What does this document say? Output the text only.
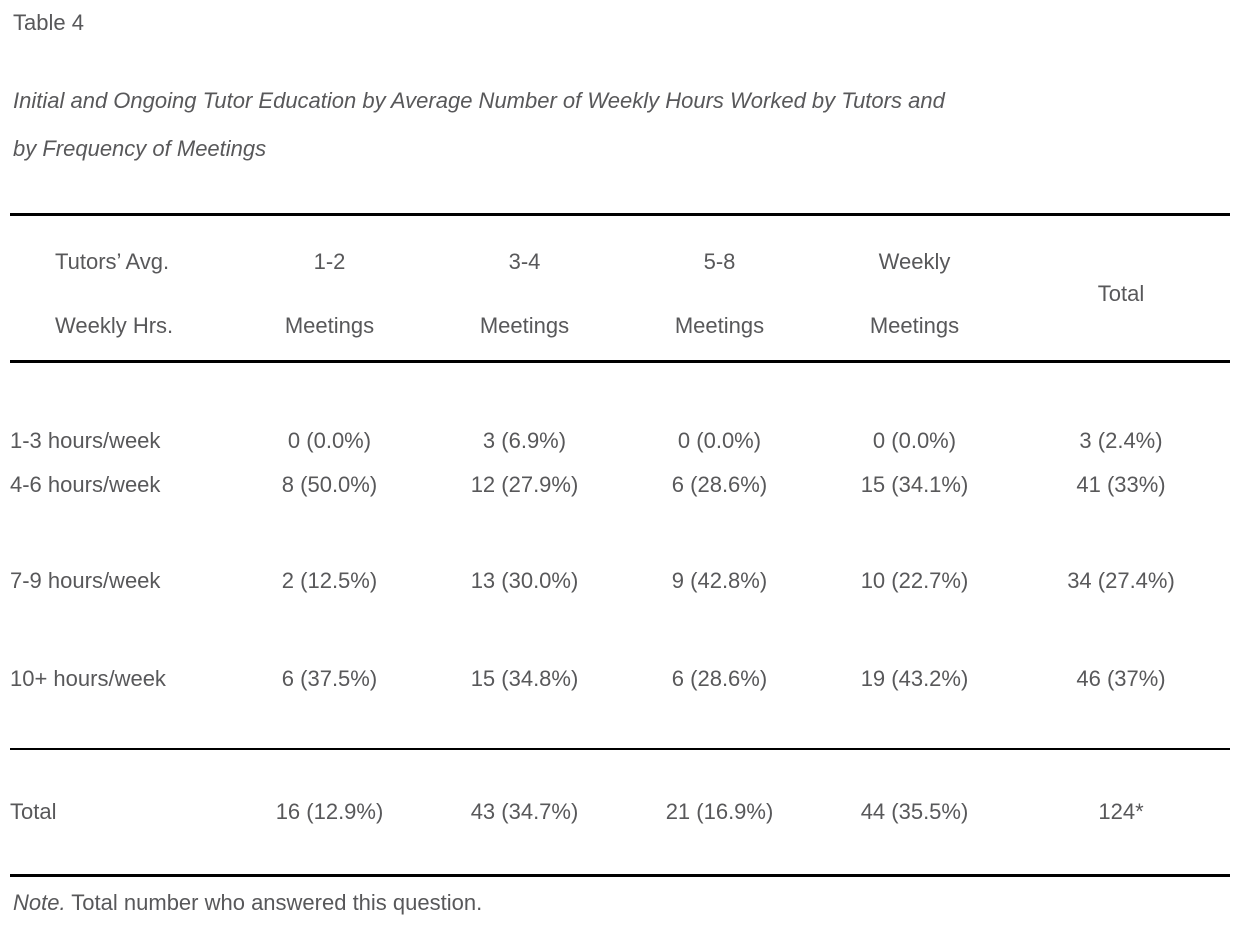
Table 4
Initial and Ongoing Tutor Education by Average Number of Weekly Hours Worked by Tutors and
by Frequency of Meetings
Tutors’ Avg.
Weekly Hrs.

1-2
Meetings

3-4
Meetings

5-8
Meetings

Weekly
Meetings

Total

1-3 hours/week	0 (0.0%)	3 (6.9%)	0 (0.0%)	0 (0.0%)	3 (2.4%)
4-6 hours/week	8 (50.0%)	12 (27.9%)	6 (28.6%)	15 (34.1%)	41 (33%)
7-9 hours/week	2 (12.5%)	13 (30.0%)	9 (42.8%)	10 (22.7%)	34 (27.4%)
10+ hours/week	6 (37.5%)	15 (34.8%)	6 (28.6%)	19 (43.2%)	46 (37%)
Total	16 (12.9%)	43 (34.7%)	21 (16.9%)	44 (35.5%)	124*
Note. Total number who answered this question.
